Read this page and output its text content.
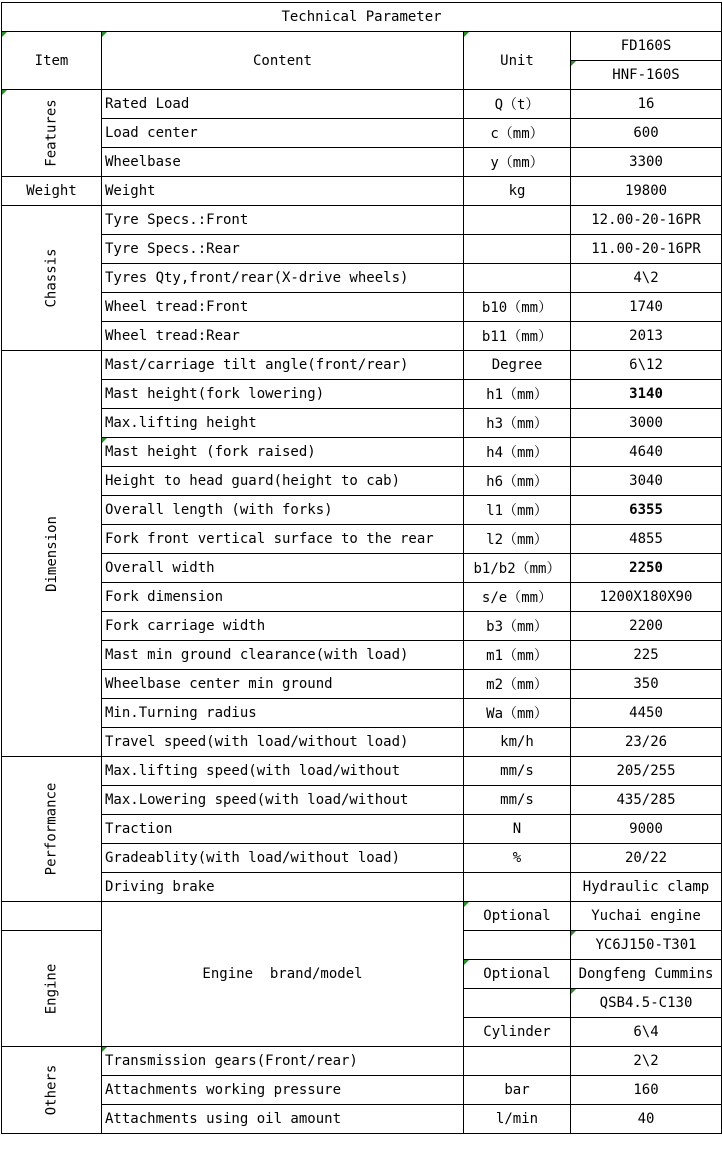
Technical Parameter			
Item	Content	Unit	FD160S
			HNF-160S
Features	Rated Load	Q（t）	16
	Load center	c（mm）	600
	Wheelbase	y（mm）	3300
Weight	Weight	kg	19800
Chassis	Tyre Specs.:Front		12.00-20-16PR
	Tyre Specs.:Rear		11.00-20-16PR
	Tyres Qty,front/rear(X-drive wheels)		4\2
	Wheel tread:Front	b10（mm）	1740
	Wheel tread:Rear	b11（mm）	2013
Dimension	Mast/carriage tilt angle(front/rear)	Degree	6\12
	Mast height(fork lowering)	h1（mm）	3140
	Max.lifting height	h3（mm）	3000
	Mast height (fork raised)	h4（mm）	4640
	Height to head guard(height to cab)	h6（mm）	3040
	Overall length (with forks)	l1（mm）	6355
	Fork front vertical surface to the rear	l2（mm）	4855
	Overall width	b1/b2（mm）	2250
	Fork dimension	s/e（mm）	1200X180X90
	Fork carriage width	b3（mm）	2200
	Mast min ground clearance(with load)	m1（mm）	225
	Wheelbase center min ground	m2（mm）	350
	Min.Turning radius	Wa（mm）	4450
	Travel speed(with load/without load)	km/h	23/26
Performance	Max.lifting speed(with load/without	mm/s	205/255
	Max.Lowering speed(with load/without	mm/s	435/285
	Traction	N	9000
	Gradeablity(with load/without load)	%	20/22
	Driving brake		Hydraulic clamp
	Engine  brand/model	Optional	Yuchai engine
Engine			YC6J150-T301
		Optional	Dongfeng Cummins
			QSB4.5-C130
		Cylinder	6\4
Others	Transmission gears(Front/rear)		2\2
	Attachments working pressure	bar	160
	Attachments using oil amount	l/min	40
